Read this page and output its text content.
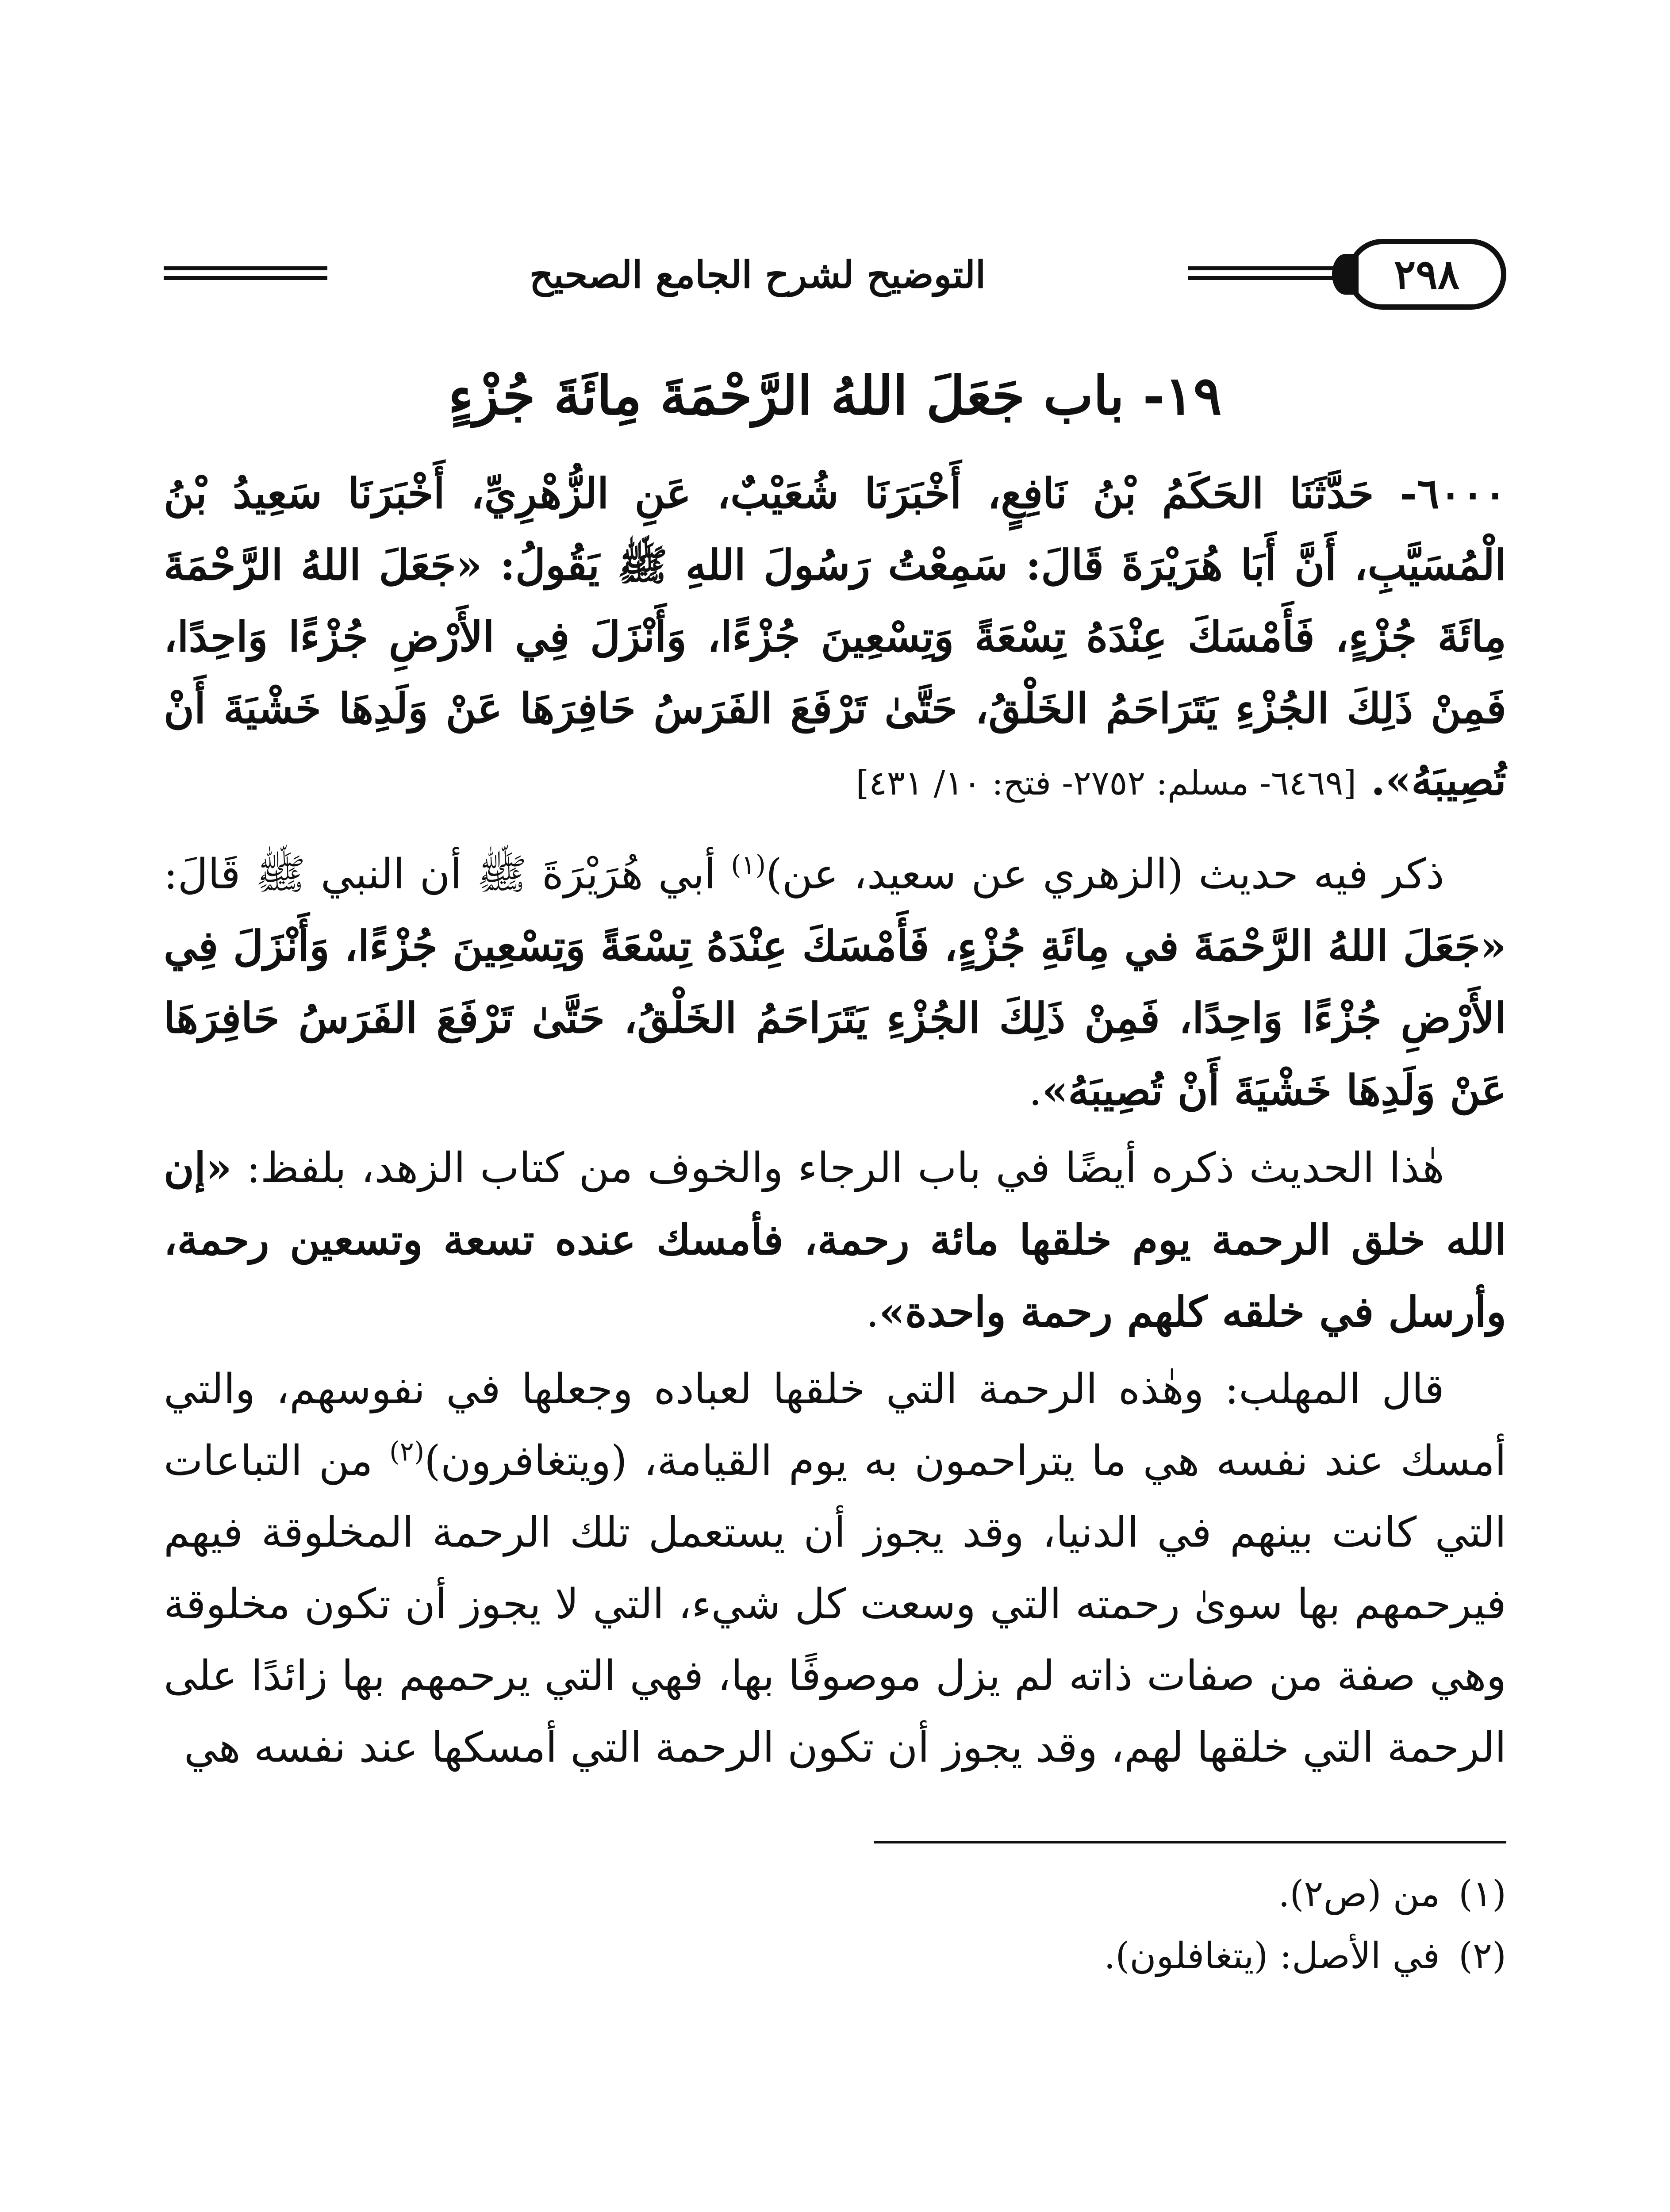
٢٩٨
التوضيح لشرح الجامع الصحيح
١٩- باب جَعَلَ اللهُ الرَّحْمَةَ مِائَةَ جُزْءٍ

٦٠٠٠- حَدَّثَنَا الحَكَمُ بْنُ نَافِعٍ، أَخْبَرَنَا شُعَيْبٌ، عَنِ الزُّهْرِيِّ، أَخْبَرَنَا سَعِيدُ بْنُ الْمُسَيَّبِ، أَنَّ أَبَا هُرَيْرَةَ قَالَ: سَمِعْتُ رَسُولَ اللهِ ﷺ يَقُولُ: «جَعَلَ اللهُ الرَّحْمَةَ مِائَةَ جُزْءٍ، فَأَمْسَكَ عِنْدَهُ تِسْعَةً وَتِسْعِينَ جُزْءًا، وَأَنْزَلَ فِي الأَرْضِ جُزْءًا وَاحِدًا، فَمِنْ ذَلِكَ الجُزْءِ يَتَرَاحَمُ الخَلْقُ، حَتَّىٰ تَرْفَعَ الفَرَسُ حَافِرَهَا عَنْ وَلَدِهَا خَشْيَةَ أَنْ تُصِيبَهُ». [٦٤٦٩- مسلم: ٢٧٥٢- فتح: ١٠/ ٤٣١]

ذكر فيه حديث (الزهري عن سعيد، عن)$^{(١)}$ أبي هُرَيْرَةَ ﷺ أن النبي ﷺ قَالَ: «جَعَلَ اللهُ الرَّحْمَةَ في مِائَةِ جُزْءٍ، فَأَمْسَكَ عِنْدَهُ تِسْعَةً وَتِسْعِينَ جُزْءًا، وَأَنْزَلَ فِي الأَرْضِ جُزْءًا وَاحِدًا، فَمِنْ ذَلِكَ الجُزْءِ يَتَرَاحَمُ الخَلْقُ، حَتَّىٰ تَرْفَعَ الفَرَسُ حَافِرَهَا عَنْ وَلَدِهَا خَشْيَةَ أَنْ تُصِيبَهُ».

هٰذا الحديث ذكره أيضًا في باب الرجاء والخوف من كتاب الزهد، بلفظ: «إن الله خلق الرحمة يوم خلقها مائة رحمة، فأمسك عنده تسعة وتسعين رحمة، وأرسل في خلقه كلهم رحمة واحدة».

قال المهلب: وهٰذه الرحمة التي خلقها لعباده وجعلها في نفوسهم، والتي أمسك عند نفسه هي ما يتراحمون به يوم القيامة، (ويتغافرون)$^{(٢)}$ من التباعات التي كانت بينهم في الدنيا، وقد يجوز أن يستعمل تلك الرحمة المخلوقة فيهم فيرحمهم بها سوىٰ رحمته التي وسعت كل شيء، التي لا يجوز أن تكون مخلوقة وهي صفة من صفات ذاته لم يزل موصوفًا بها، فهي التي يرحمهم بها زائدًا على الرحمة التي خلقها لهم، وقد يجوز أن تكون الرحمة التي أمسكها عند نفسه هي

(١)من (ص٢).

(٢)في الأصل: (يتغافلون).
